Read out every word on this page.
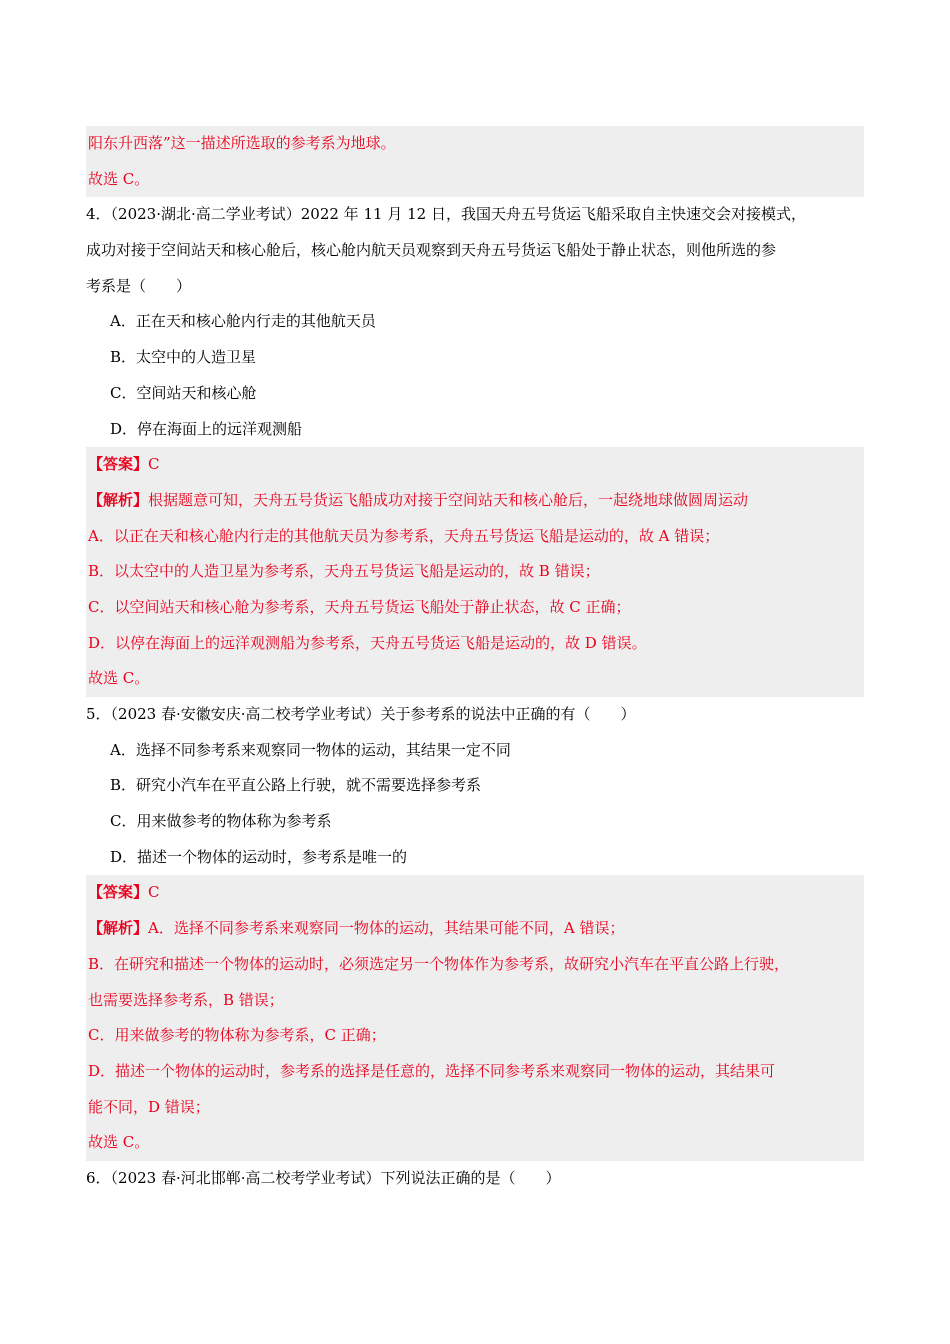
阳东升西落”这一描述所选取的参考系为地球。
故选 C。
4．（2023·湖北·高二学业考试）2022 年 11 月 12 日，我国天舟五号货运飞船采取自主快速交会对接模式，
成功对接于空间站天和核心舱后，核心舱内航天员观察到天舟五号货运飞船处于静止状态，则他所选的参
考系是（　　）
A．正在天和核心舱内行走的其他航天员
B．太空中的人造卫星
C．空间站天和核心舱
D．停在海面上的远洋观测船
【答案】C
【解析】根据题意可知，天舟五号货运飞船成功对接于空间站天和核心舱后，一起绕地球做圆周运动
A．以正在天和核心舱内行走的其他航天员为参考系，天舟五号货运飞船是运动的，故 A 错误；
B．以太空中的人造卫星为参考系，天舟五号货运飞船是运动的，故 B 错误；
C．以空间站天和核心舱为参考系，天舟五号货运飞船处于静止状态，故 C 正确；
D．以停在海面上的远洋观测船为参考系，天舟五号货运飞船是运动的，故 D 错误。
故选 C。
5．（2023 春·安徽安庆·高二校考学业考试）关于参考系的说法中正确的有（　　）
A．选择不同参考系来观察同一物体的运动，其结果一定不同
B．研究小汽车在平直公路上行驶，就不需要选择参考系
C．用来做参考的物体称为参考系
D．描述一个物体的运动时，参考系是唯一的
【答案】C
【解析】A．选择不同参考系来观察同一物体的运动，其结果可能不同，A 错误；
B．在研究和描述一个物体的运动时，必须选定另一个物体作为参考系，故研究小汽车在平直公路上行驶，
也需要选择参考系，B 错误；
C．用来做参考的物体称为参考系，C 正确；
D．描述一个物体的运动时，参考系的选择是任意的，选择不同参考系来观察同一物体的运动，其结果可
能不同，D 错误；
故选 C。
6．（2023 春·河北邯郸·高二校考学业考试）下列说法正确的是（　　）
